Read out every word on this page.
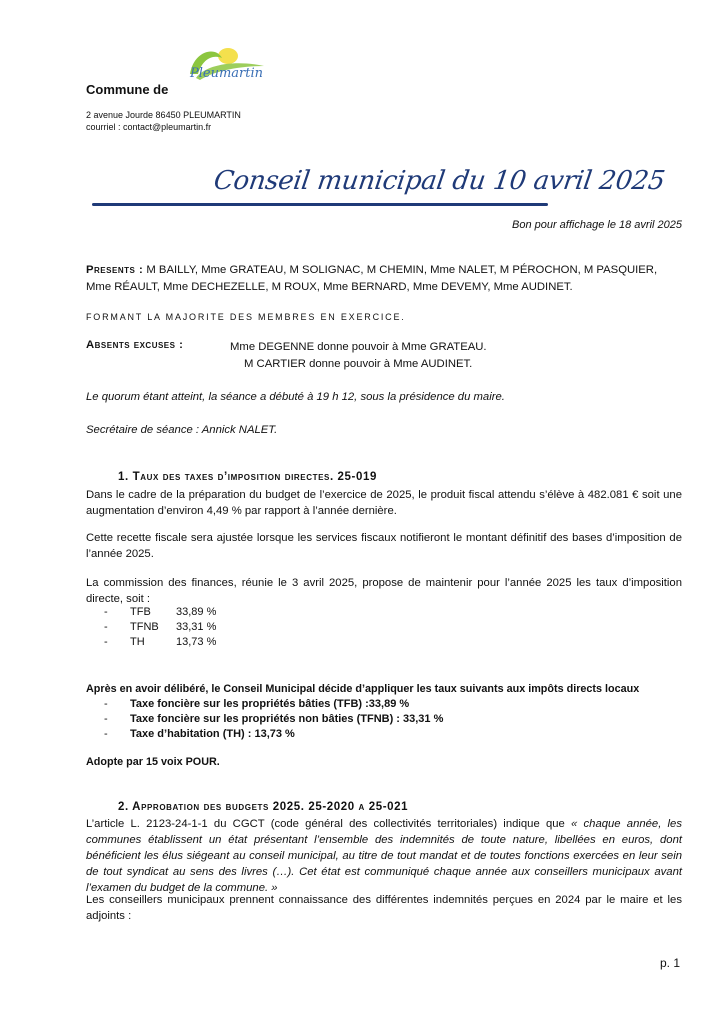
Commune de
Pleumartin
2 avenue Jourde 86450 PLEUMARTIN
courriel : contact@pleumartin.fr
Conseil municipal du 10 avril 2025
Bon pour affichage le 18 avril 2025
Presents : M BAILLY, Mme GRATEAU, M SOLIGNAC, M CHEMIN, Mme NALET, M PÉROCHON, M PASQUIER, Mme RÉAULT, Mme DECHEZELLE, M ROUX, Mme BERNARD, Mme DEVEMY, Mme AUDINET.
FORMANT LA MAJORITE DES MEMBRES EN EXERCICE.
Absents excuses :	Mme DEGENNE donne pouvoir à Mme GRATEAU.
M CARTIER donne pouvoir à Mme AUDINET.
Le quorum étant atteint, la séance a débuté à 19 h 12, sous la présidence du maire.
Secrétaire de séance : Annick NALET.
1. Taux des taxes d’imposition directes. 25-019
Dans le cadre de la préparation du budget de l’exercice de 2025, le produit fiscal attendu s’élève à 482.081 € soit une augmentation d’environ 4,49 % par rapport à l’année dernière.
Cette recette fiscale sera ajustée lorsque les services fiscaux notifieront le montant définitif des bases d’imposition de l’année 2025.
La commission des finances, réunie le 3 avril 2025, propose de maintenir pour l’année 2025 les taux d’imposition directe, soit :
-	TFB	33,89 %
-	TFNB	33,31 %
-	TH	13,73 %
Après en avoir délibéré, le Conseil Municipal décide d’appliquer les taux suivants aux impôts directs locaux
-	Taxe foncière sur les propriétés bâties (TFB) :33,89 %
-	Taxe foncière sur les propriétés non bâties (TFNB) : 33,31 %
-	Taxe d’habitation (TH) : 13,73 %
Adopte par 15 voix POUR.
2. Approbation des budgets 2025. 25-2020 a 25-021
L’article L. 2123-24-1-1 du CGCT (code général des collectivités territoriales) indique que « chaque année, les communes établissent un état présentant l’ensemble des indemnités de toute nature, libellées en euros, dont bénéficient les élus siégeant au conseil municipal, au titre de tout mandat et de toutes fonctions exercées en leur sein de tout syndicat au sens des livres (…). Cet état est communiqué chaque année aux conseillers municipaux avant l’examen du budget de la commune. »
Les conseillers municipaux prennent connaissance des différentes indemnités perçues en 2024 par le maire et les adjoints :
p. 1
